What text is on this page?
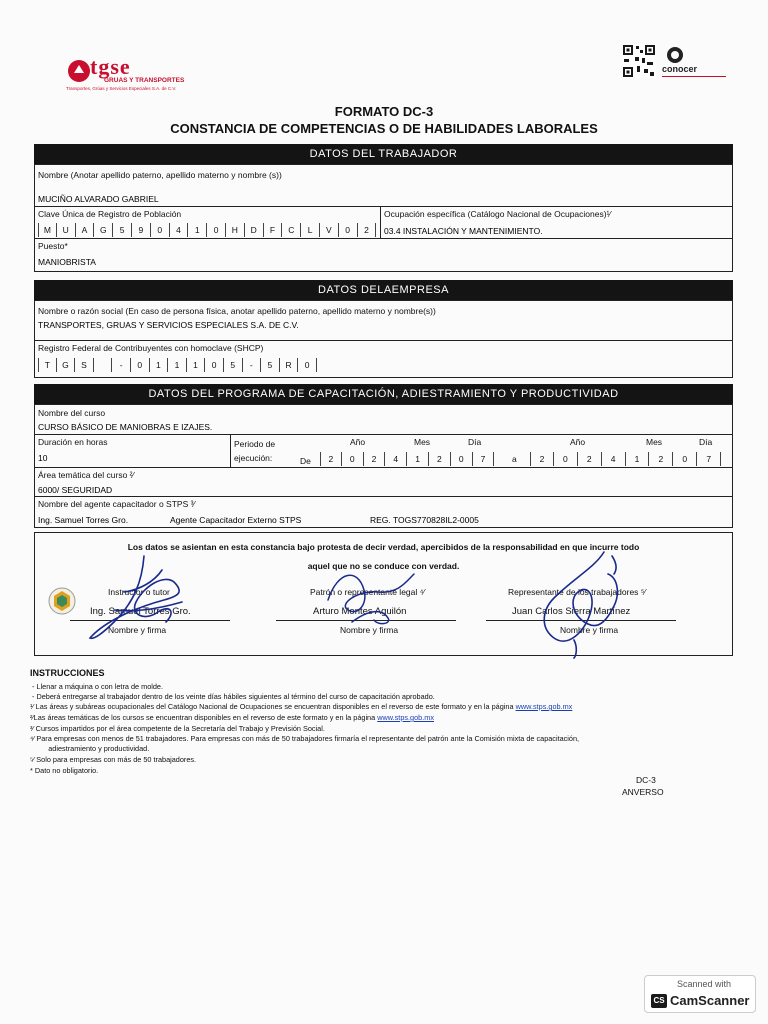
tgse
GRUAS Y TRANSPORTES
Transportes, Grúas y Servicios Especiales S.A. de C.V.
conocer
FORMATO DC-3
CONSTANCIA DE COMPETENCIAS O DE HABILIDADES LABORALES
DATOS DEL TRABAJADOR
Nombre (Anotar apellido paterno, apellido materno y nombre (s))
MUCIÑO ALVARADO GABRIEL
Clave Única de Registro de Población
M	U	A	G	5	9	0	4	1	0	H	D	F	C	L	V	0	2
Ocupación específica (Catálogo Nacional de Ocupaciones)¹⁄
03.4 INSTALACIÓN Y MANTENIMIENTO.
Puesto*
MANIOBRISTA
DATOS DELAEMPRESA
Nombre o razón social (En caso de persona física, anotar apellido paterno, apellido materno y nombre(s))
TRANSPORTES, GRUAS Y SERVICIOS ESPECIALES S.A. DE C.V.
Registro Federal de Contribuyentes con homoclave (SHCP)
T	G	S	-	0	1	1	1	0	5	-	5	R	0
DATOS DEL PROGRAMA DE CAPACITACIÓN, ADIESTRAMIENTO Y PRODUCTIVIDAD
Nombre del curso
CURSO BÁSICO DE MANIOBRAS E IZAJES.
Duración en horas
10
Periodo de
ejecución:	De	a
Año	Mes	Día	Año	Mes	Día
2	0	2	4	1	2	0	7	2	0	2	4	1	2	0	7
Área temática del curso ²⁄
6000/ SEGURIDAD
Nombre del agente capacitador o STPS ³⁄
Ing. Samuel Torres Gro.	Agente Capacitador Externo STPS	REG. TOGS770828IL2-0005
Los datos se asientan en esta constancia bajo protesta de decir verdad, apercibidos de la responsabilidad en que incurre todo
aquel que no se conduce con verdad.
Instructor o tutor
Ing. Samuel Torres Gro.
Nombre y firma
Patrón o representante legal ⁴⁄
Arturo Montes Aguilón
Nombre y firma
Representante de los trabajadores ⁵⁄
Juan Carlos Sierra Martínez
Nombre y firma
INSTRUCCIONES
- Llenar a máquina o con letra de molde.
- Deberá entregarse al trabajador dentro de los veinte días hábiles siguientes al término del curso de capacitación aprobado.
¹⁄ Las áreas y subáreas ocupacionales del Catálogo Nacional de Ocupaciones se encuentran disponibles en el reverso de este formato y en la página www.stps.gob.mx
²⁄Las áreas temáticas de los cursos se encuentran disponibles en el reverso de este formato y en la página www.stps.gob.mx
³⁄ Cursos impartidos por el área competente de la Secretaría del Trabajo y Previsión Social.
⁴⁄ Para empresas con menos de 51 trabajadores. Para empresas con más de 50 trabajadores firmaría el representante del patrón ante la Comisión mixta de capacitación,
adiestramiento y productividad.
⁵⁄ Solo para empresas con más de 50 trabajadores.
* Dato no obligatorio.
DC-3
ANVERSO
Scanned with
CS CamScanner
